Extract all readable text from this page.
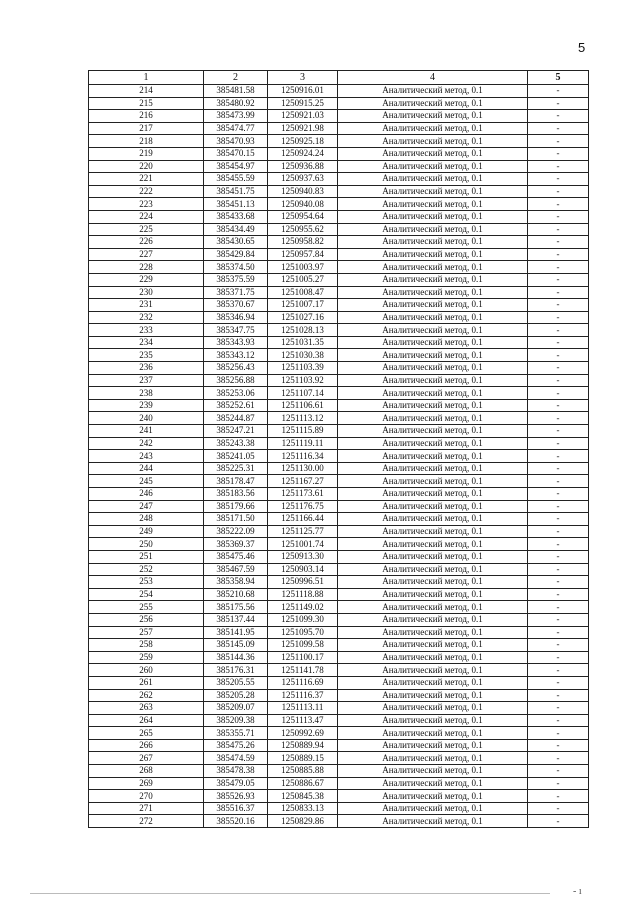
5
1	2	3	4	5
214	385481.58	1250916.01	Аналитический метод, 0.1	-
215	385480.92	1250915.25	Аналитический метод, 0.1	-
216	385473.99	1250921.03	Аналитический метод, 0.1	-
217	385474.77	1250921.98	Аналитический метод, 0.1	-
218	385470.93	1250925.18	Аналитический метод, 0.1	-
219	385470.15	1250924.24	Аналитический метод, 0.1	-
220	385454.97	1250936.88	Аналитический метод, 0.1	-
221	385455.59	1250937.63	Аналитический метод, 0.1	-
222	385451.75	1250940.83	Аналитический метод, 0.1	-
223	385451.13	1250940.08	Аналитический метод, 0.1	-
224	385433.68	1250954.64	Аналитический метод, 0.1	-
225	385434.49	1250955.62	Аналитический метод, 0.1	-
226	385430.65	1250958.82	Аналитический метод, 0.1	-
227	385429.84	1250957.84	Аналитический метод, 0.1	-
228	385374.50	1251003.97	Аналитический метод, 0.1	-
229	385375.59	1251005.27	Аналитический метод, 0.1	-
230	385371.75	1251008.47	Аналитический метод, 0.1	-
231	385370.67	1251007.17	Аналитический метод, 0.1	-
232	385346.94	1251027.16	Аналитический метод, 0.1	-
233	385347.75	1251028.13	Аналитический метод, 0.1	-
234	385343.93	1251031.35	Аналитический метод, 0.1	-
235	385343.12	1251030.38	Аналитический метод, 0.1	-
236	385256.43	1251103.39	Аналитический метод, 0.1	-
237	385256.88	1251103.92	Аналитический метод, 0.1	-
238	385253.06	1251107.14	Аналитический метод, 0.1	-
239	385252.61	1251106.61	Аналитический метод, 0.1	-
240	385244.87	1251113.12	Аналитический метод, 0.1	-
241	385247.21	1251115.89	Аналитический метод, 0.1	-
242	385243.38	1251119.11	Аналитический метод, 0.1	-
243	385241.05	1251116.34	Аналитический метод, 0.1	-
244	385225.31	1251130.00	Аналитический метод, 0.1	-
245	385178.47	1251167.27	Аналитический метод, 0.1	-
246	385183.56	1251173.61	Аналитический метод, 0.1	-
247	385179.66	1251176.75	Аналитический метод, 0.1	-
248	385171.50	1251166.44	Аналитический метод, 0.1	-
249	385222.09	1251125.77	Аналитический метод, 0.1	-
250	385369.37	1251001.74	Аналитический метод, 0.1	-
251	385475.46	1250913.30	Аналитический метод, 0.1	-
252	385467.59	1250903.14	Аналитический метод, 0.1	-
253	385358.94	1250996.51	Аналитический метод, 0.1	-
254	385210.68	1251118.88	Аналитический метод, 0.1	-
255	385175.56	1251149.02	Аналитический метод, 0.1	-
256	385137.44	1251099.30	Аналитический метод, 0.1	-
257	385141.95	1251095.70	Аналитический метод, 0.1	-
258	385145.09	1251099.58	Аналитический метод, 0.1	-
259	385144.36	1251100.17	Аналитический метод, 0.1	-
260	385176.31	1251141.78	Аналитический метод, 0.1	-
261	385205.55	1251116.69	Аналитический метод, 0.1	-
262	385205.28	1251116.37	Аналитический метод, 0.1	-
263	385209.07	1251113.11	Аналитический метод, 0.1	-
264	385209.38	1251113.47	Аналитический метод, 0.1	-
265	385355.71	1250992.69	Аналитический метод, 0.1	-
266	385475.26	1250889.94	Аналитический метод, 0.1	-
267	385474.59	1250889.15	Аналитический метод, 0.1	-
268	385478.38	1250885.88	Аналитический метод, 0.1	-
269	385479.05	1250886.67	Аналитический метод, 0.1	-
270	385526.93	1250845.38	Аналитический метод, 0.1	-
271	385516.37	1250833.13	Аналитический метод, 0.1	-
272	385520.16	1250829.86	Аналитический метод, 0.1	-
- ı
